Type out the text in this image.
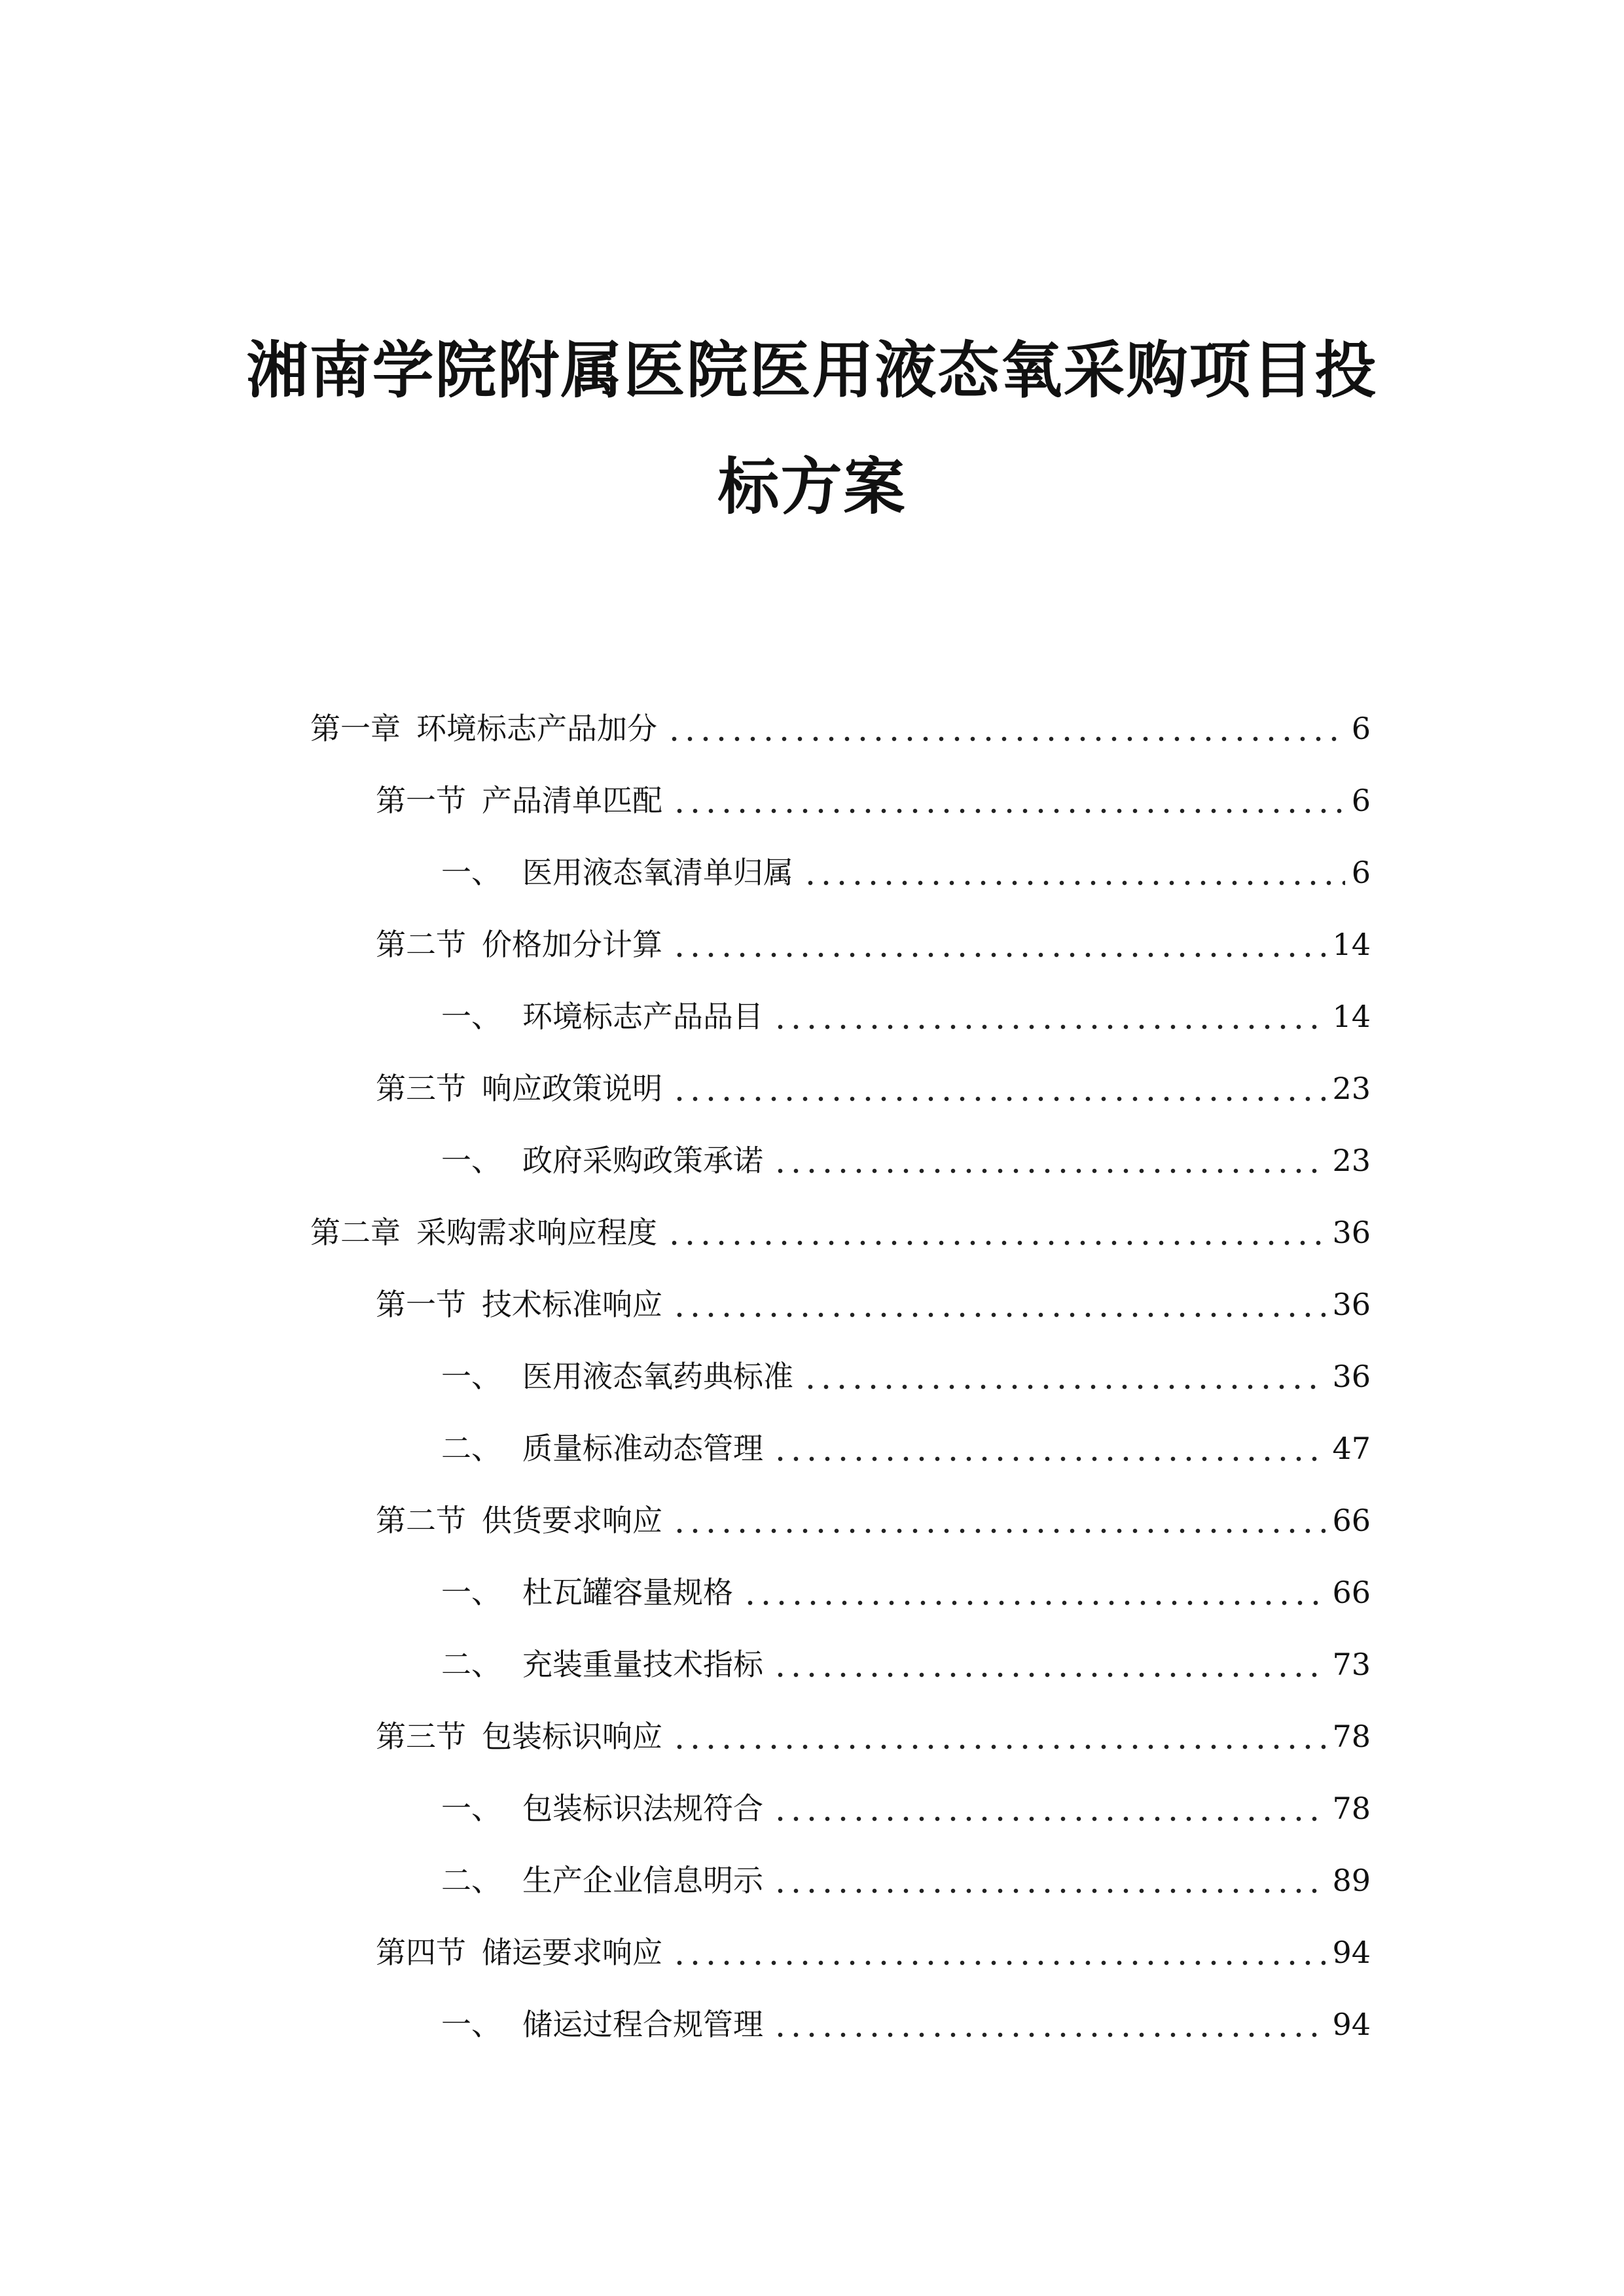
湘南学院附属医院医用液态氧采购项目投
标方案
第一章 环境标志产品加分	6
第一节 产品清单匹配	6
一、 医用液态氧清单归属	6
第二节 价格加分计算	14
一、 环境标志产品品目	14
第三节 响应政策说明	23
一、 政府采购政策承诺	23
第二章 采购需求响应程度	36
第一节 技术标准响应	36
一、 医用液态氧药典标准	36
二、 质量标准动态管理	47
第二节 供货要求响应	66
一、 杜瓦罐容量规格	66
二、 充装重量技术指标	73
第三节 包装标识响应	78
一、 包装标识法规符合	78
二、 生产企业信息明示	89
第四节 储运要求响应	94
一、 储运过程合规管理	94
